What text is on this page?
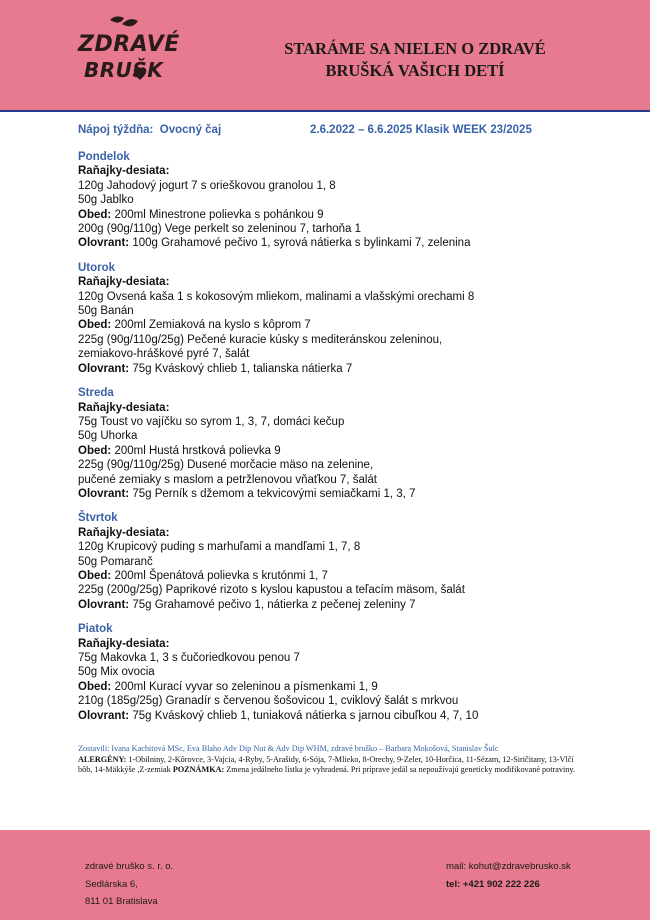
ZDRAVÉ
BRUŠK
STARÁME SA NIELEN O ZDRAVÉ
BRUŠKÁ VAŠICH DETÍ
Nápoj týždňa: Ovocný čaj	2.6.2022 – 6.6.2025 Klasik WEEK 23/2025
Pondelok
Raňajky-desiata:
120g Jahodový jogurt 7 s orieškovou granolou 1, 8
50g Jablko
Obed: 200ml Minestrone polievka s pohánkou 9
200g (90g/110g) Vege perkelt so zeleninou 7, tarhoňa 1
Olovrant: 100g Grahamové pečivo 1, syrová nátierka s bylinkami 7, zelenina
Utorok
Raňajky-desiata:
120g Ovsená kaša 1 s kokosovým mliekom, malinami a vlašskými orechami 8
50g Banán
Obed: 200ml Zemiaková na kyslo s kôprom 7
225g (90g/110g/25g) Pečené kuracie kúsky s mediteránskou zeleninou,
zemiakovo-hráškové pyré 7, šalát
Olovrant: 75g Kváskový chlieb 1, talianska nátierka 7
Streda
Raňajky-desiata:
75g Toust vo vajíčku so syrom 1, 3, 7, domáci kečup
50g Uhorka
Obed: 200ml Hustá hrstková polievka 9
225g (90g/110g/25g) Dusené morčacie mäso na zelenine,
pučené zemiaky s maslom a petržlenovou vňaťkou 7, šalát
Olovrant: 75g Perník s džemom a tekvicovými semiačkami 1, 3, 7
Štvrtok
Raňajky-desiata:
120g Krupicový puding s marhuľami a mandľami 1, 7, 8
50g Pomaranč
Obed: 200ml Špenátová polievka s krutónmi 1, 7
225g (200g/25g) Paprikové rizoto s kyslou kapustou a teľacím mäsom, šalát
Olovrant: 75g Grahamové pečivo 1, nátierka z pečenej zeleniny 7
Piatok
Raňajky-desiata:
75g Makovka 1, 3 s čučoriedkovou penou 7
50g Mix ovocia
Obed: 200ml Kurací vyvar so zeleninou a písmenkami 1, 9
210g (185g/25g) Granadír s červenou šošovicou 1, cviklový šalát s mrkvou
Olovrant: 75g Kváskový chlieb 1, tuniaková nátierka s jarnou cibuľkou 4, 7, 10
Zostavili: Ivana Kachitová MSc, Eva Blaho Adv Dip Nut & Adv Dip WHM, zdravé bruško – Barbara Mokošová, Stanislav Šulc
ALERGÉNY: 1-Obilniny, 2-Kôrovce, 3-Vajcia, 4-Ryby, 5-Arašidy, 6-Sója, 7-Mlieko, 8-Orechy, 9-Zeler, 10-Horčica, 11-Sézam, 12-Siričitany, 13-Vlčí bôb, 14-Mäkkýše ,Z-zemiak POZNÁMKA: Zmena jedálneho lístka je vyhradená. Pri príprave jedál sa nepoužívajú geneticky modifikované potraviny.
zdravé bruško s. r. o.
Sedlárska 6,
811 01 Bratislava
mail: kohut@zdravebrusko.sk
tel: +421 902 222 226
